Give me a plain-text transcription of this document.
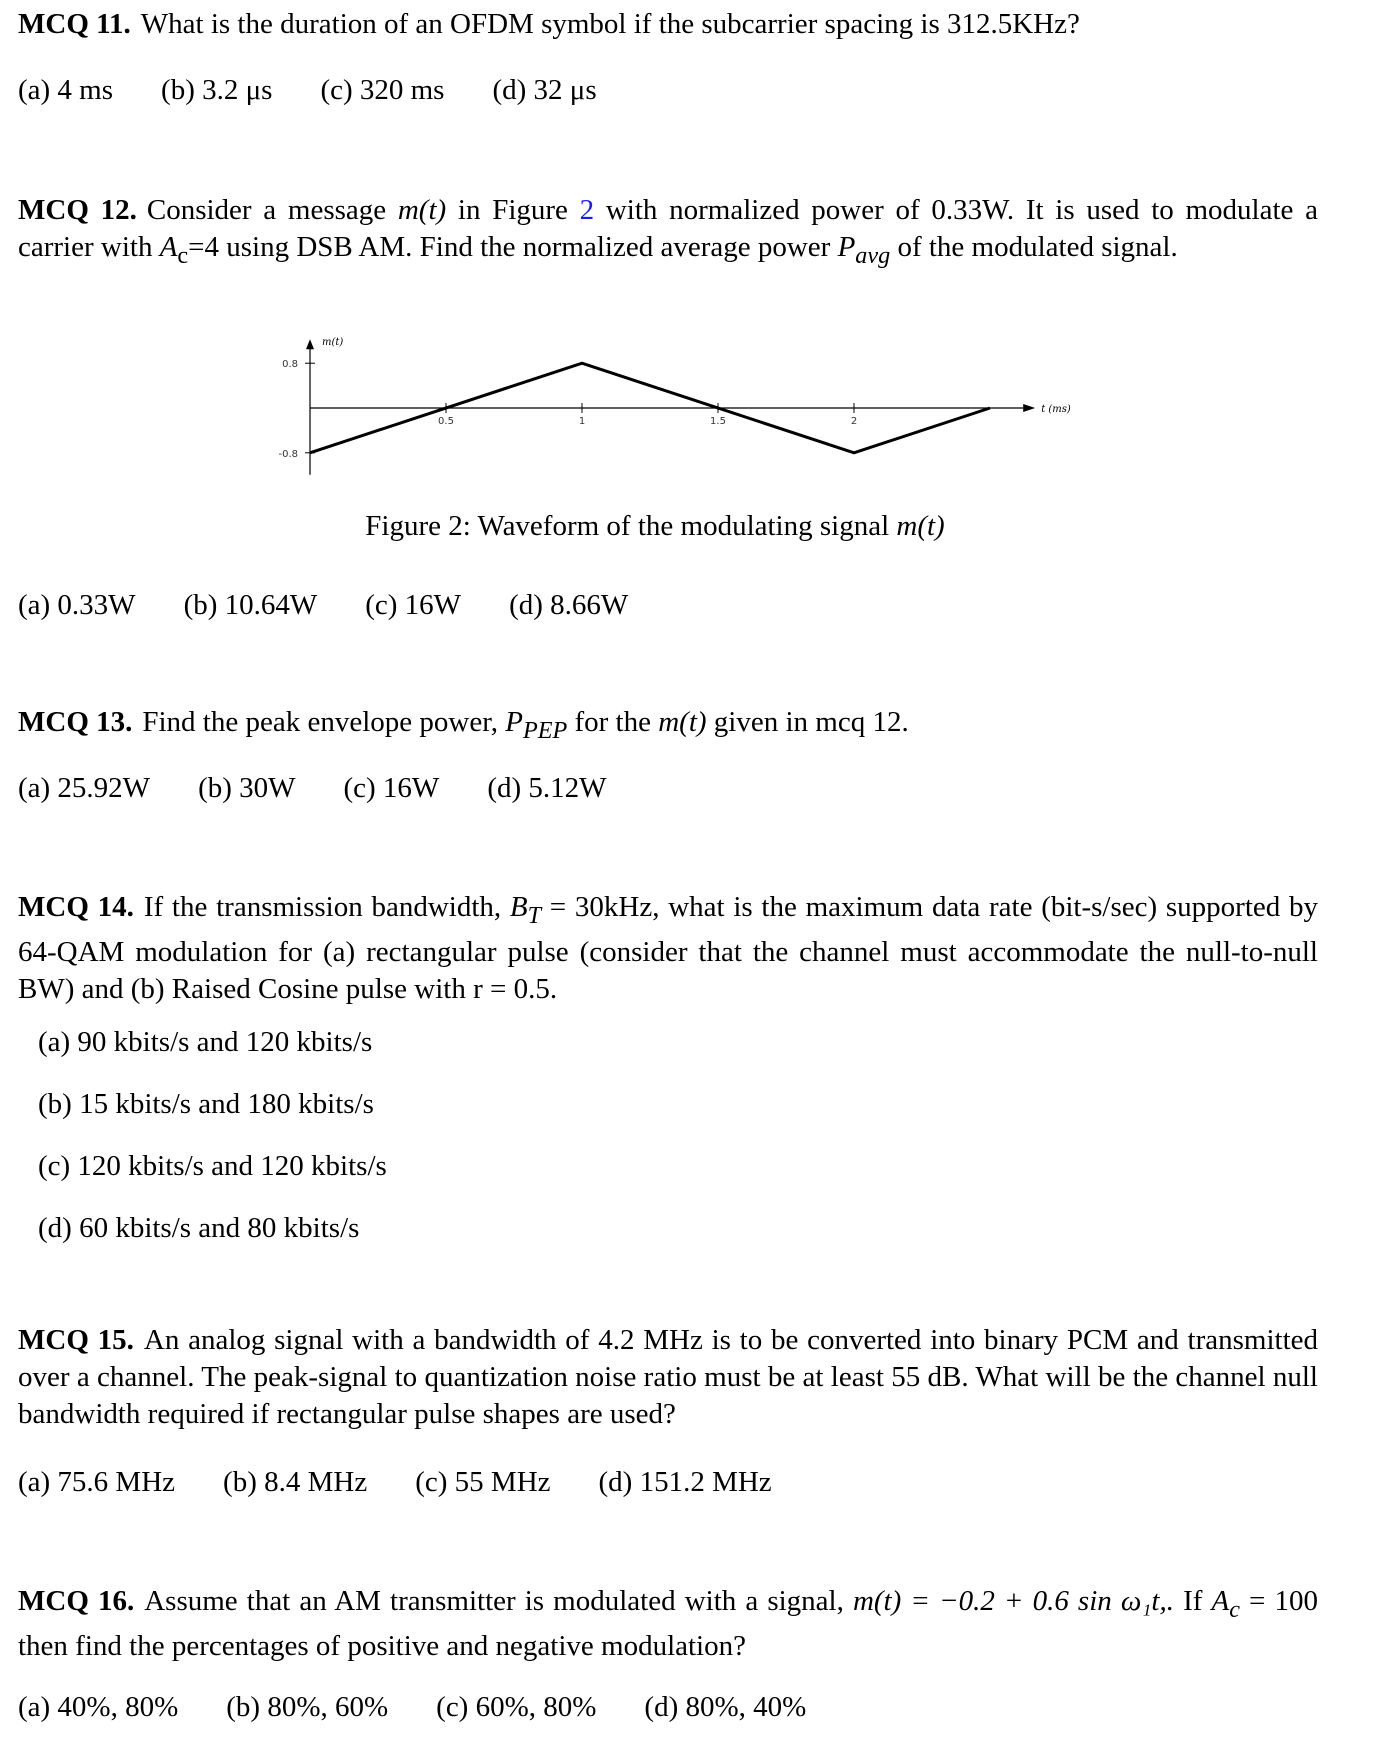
MCQ 11. What is the duration of an OFDM symbol if the subcarrier spacing is 312.5KHz?

(a) 4 ms (b) 3.2 μs (c) 320 ms (d) 32 μs

MCQ 12. Consider a message m(t) in Figure 2 with normalized power of 0.33W. It is used to modulate a carrier with $A_c=4$ using DSB AM. Find the normalized average power $P_{avg}$ of the modulated signal.

m(t)
t (ms)
0.5	1	1.5	2
0.8
-0.8

Figure 2: Waveform of the modulating signal m(t)

(a) 0.33W (b) 10.64W (c) 16W (d) 8.66W

MCQ 13. Find the peak envelope power, $P_{PEP}$ for the m(t) given in mcq 12.

(a) 25.92W (b) 30W (c) 16W (d) 5.12W

MCQ 14. If the transmission bandwidth, $B_T = 30kHz$, what is the maximum data rate (bit-s/sec) supported by 64-QAM modulation for (a) rectangular pulse (consider that the channel must accommodate the null-to-null BW) and (b) Raised Cosine pulse with r = 0.5.

(a) 90 kbits/s and 120 kbits/s
(b) 15 kbits/s and 180 kbits/s
(c) 120 kbits/s and 120 kbits/s
(d) 60 kbits/s and 80 kbits/s

MCQ 15. An analog signal with a bandwidth of 4.2 MHz is to be converted into binary PCM and transmitted over a channel. The peak-signal to quantization noise ratio must be at least 55 dB. What will be the channel null bandwidth required if rectangular pulse shapes are used?

(a) 75.6 MHz (b) 8.4 MHz (c) 55 MHz (d) 151.2 MHz

MCQ 16. Assume that an AM transmitter is modulated with a signal, m(t) = −0.2 + 0.6 sin ω₁t,. If $A_c = 100$ then find the percentages of positive and negative modulation?

(a) 40%, 80% (b) 80%, 60% (c) 60%, 80% (d) 80%, 40%
